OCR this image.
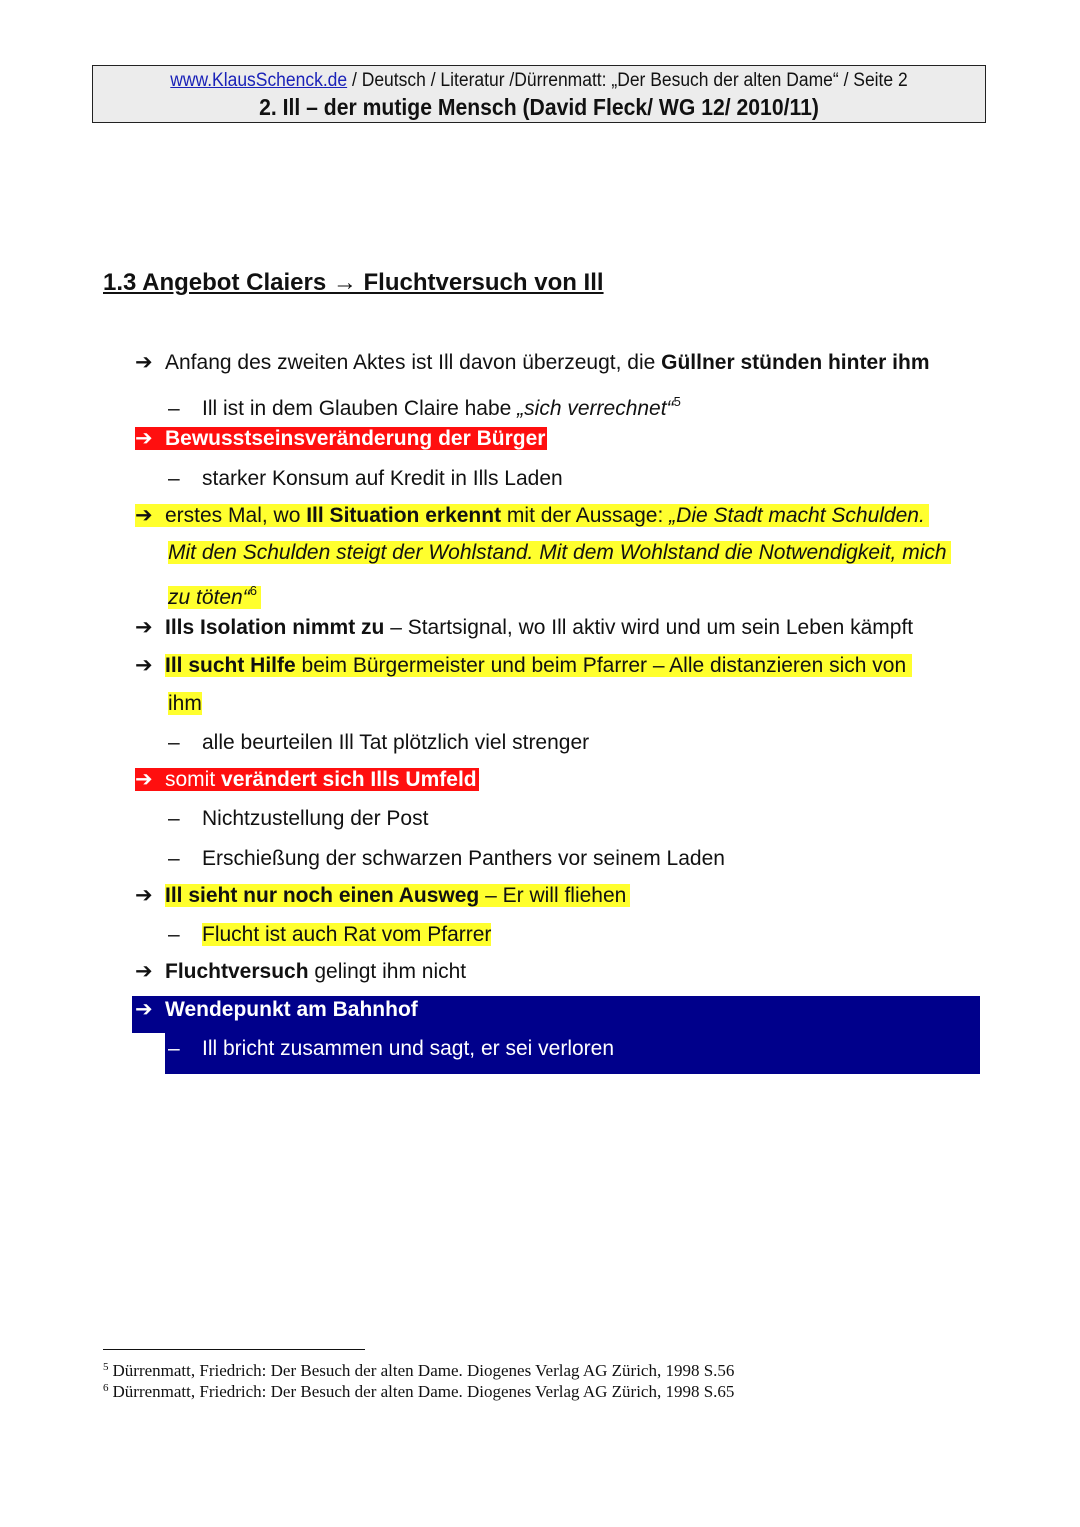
www.KlausSchenck.de / Deutsch / Literatur /Dürrenmatt: „Der Besuch der alten Dame“ / Seite 2
2. Ill – der mutige Mensch (David Fleck/ WG 12/ 2010/11)
1.3 Angebot Claiers → Fluchtversuch von Ill
➔ Anfang des zweiten Aktes ist Ill davon überzeugt, die Güllner stünden hinter ihm
– Ill ist in dem Glauben Claire habe „sich verrechnet“$^5$
➔ Bewusstseinsveränderung der Bürger
– starker Konsum auf Kredit in Ills Laden
➔ erstes Mal, wo Ill Situation erkennt mit der Aussage: „Die Stadt macht Schulden.
Mit den Schulden steigt der Wohlstand. Mit dem Wohlstand die Notwendigkeit, mich
zu töten“$^6$
➔ Ills Isolation nimmt zu – Startsignal, wo Ill aktiv wird und um sein Leben kämpft
➔ Ill sucht Hilfe beim Bürgermeister und beim Pfarrer – Alle distanzieren sich von
ihm
– alle beurteilen Ill Tat plötzlich viel strenger
➔ somit verändert sich Ills Umfeld
– Nichtzustellung der Post
– Erschießung der schwarzen Panthers vor seinem Laden
➔ Ill sieht nur noch einen Ausweg – Er will fliehen
– Flucht ist auch Rat vom Pfarrer
➔ Fluchtversuch gelingt ihm nicht
➔ Wendepunkt am Bahnhof
– Ill bricht zusammen und sagt, er sei verloren
$^5$ Dürrenmatt, Friedrich: Der Besuch der alten Dame. Diogenes Verlag AG Zürich, 1998 S.56
$^6$ Dürrenmatt, Friedrich: Der Besuch der alten Dame. Diogenes Verlag AG Zürich, 1998 S.65
